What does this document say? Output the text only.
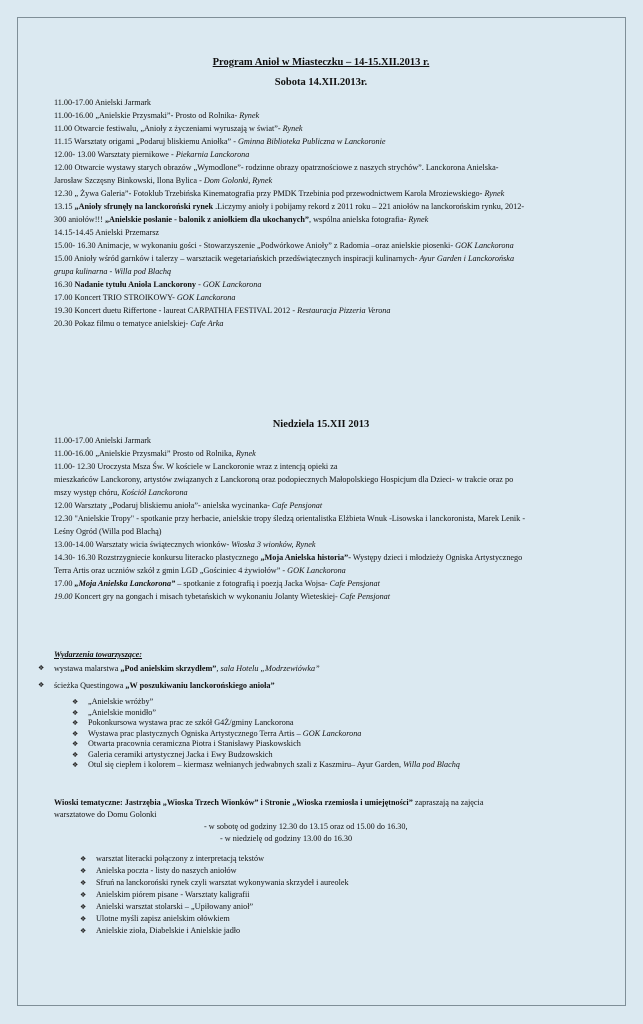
Program Anioł w Miasteczku – 14-15.XII.2013 r.
Sobota 14.XII.2013r.
11.00-17.00 Anielski Jarmark
11.00-16.00 „Anielskie Przysmaki”- Prosto od Rolnika- Rynek
11.00 Otwarcie festiwalu, „Anioły z życzeniami wyruszają w świat”- Rynek
11.15 Warsztaty origami „Podaruj bliskiemu Aniołka” - Gminna Biblioteka Publiczna w Lanckoronie
12.00- 13.00 Warsztaty piernikowe - Piekarnia Lanckorona
12.00 Otwarcie wystawy starych obrazów „Wymodlone”- rodzinne obrazy opatrznościowe z naszych strychów”. Lanckorona Anielska-
Jarosław Szczęsny Binkowski, Ilona Bylica - Dom Golonki, Rynek
12.30 „ Żywa Galeria”- Fotoklub Trzebińska Kinematografia przy PMDK Trzebinia pod przewodnictwem Karola Mroziewskiego- Rynek
13.15 „Anioły sfrunęły na lanckoroński rynek .Liczymy anioły i pobijamy rekord z 2011 roku – 221 aniołów na lanckorońskim rynku, 2012-
300 aniołów!!! „Anielskie posłanie - balonik z aniołkiem dla ukochanych”, wspólna anielska fotografia- Rynek
14.15-14.45 Anielski Przemarsz
15.00- 16.30 Animacje, w wykonaniu gości - Stowarzyszenie „Podwórkowe Anioły” z Radomia –oraz anielskie piosenki- GOK Lanckorona
15.00 Anioły wśród garnków i talerzy – warsztacik wegetariańskich przedświątecznych inspiracji kulinarnych- Ayur Garden i Lanckorońska
grupa kulinarna - Willa pod Blachą
16.30 Nadanie tytułu Anioła Lanckorony - GOK Lanckorona
17.00 Koncert TRIO STROIKOWY- GOK Lanckorona
19.30 Koncert duetu Riffertone - laureat CARPATHIA FESTIVAL 2012 - Restauracja Pizzeria Verona
20.30 Pokaz filmu o tematyce anielskiej- Cafe Arka
Niedziela 15.XII 2013
11.00-17.00 Anielski Jarmark
11.00-16.00 „Anielskie Przysmaki” Prosto od Rolnika, Rynek
11.00- 12.30 Uroczysta Msza Św. W kościele w Lanckoronie wraz z intencją opieki za
mieszkańców Lanckorony, artystów związanych z Lanckoroną oraz podopiecznych Małopolskiego Hospicjum dla Dzieci- w trakcie oraz po
mszy występ chóru, Kościół Lanckorona
12.00 Warsztaty „Podaruj bliskiemu anioła”- anielska wycinanka- Cafe Pensjonat
12.30 "Anielskie Tropy" - spotkanie przy herbacie, anielskie tropy śledzą orientalistka Elżbieta Wnuk -Lisowska i lanckoronista, Marek Lenik -
Leśny Ogród (Willa pod Blachą)
13.00-14.00 Warsztaty wicia świątecznych wionków- Wioska 3 wionków, Rynek
14.30- 16.30 Rozstrzygniecie konkursu literacko plastycznego „Moja Anielska historia”- Występy dzieci i młodzieży Ogniska Artystycznego
Terra Artis oraz uczniów szkół z gmin LGD „Gościniec 4 żywiołów” - GOK Lanckorona
17.00 „Moja Anielska Lanckorona” – spotkanie z fotografią i poezją Jacka Wojsa- Cafe Pensjonat
19.00 Koncert gry na gongach i misach tybetańskich w wykonaniu Jolanty Wieteskiej- Cafe Pensjonat
Wydarzenia towarzyszące:
❖ wystawa malarstwa „Pod anielskim skrzydłem”, sala Hotelu „Modrzewiówka”
❖ ścieżka Questingowa „W poszukiwaniu lanckorońskiego anioła”
❖ „Anielskie wróżby”
❖ „Anielskie monidło”
❖ Pokonkursowa wystawa prac ze szkół G4Ż/gminy Lanckorona
❖ Wystawa prac plastycznych Ogniska Artystycznego Terra Artis – GOK Lanckorona
❖ Otwarta pracownia ceramiczna Piotra i Stanisławy Piaskowskich
❖ Galeria ceramiki artystycznej Jacka i Ewy Budzowskich
❖ Otul się ciepłem i kolorem – kiermasz wełnianych jedwabnych szali z Kaszmiru– Ayur Garden, Willa pod Blachą
Wioski tematyczne: Jastrzębia „Wioska Trzech Wionków” i Stronie „Wioska rzemiosła i umiejętności” zapraszają na zajęcia
warsztatowe do Domu Golonki
- w sobotę od godziny 12.30 do 13.15 oraz od 15.00 do 16.30,
- w niedzielę od godziny 13.00 do 16.30
❖ warsztat literacki połączony z interpretacją tekstów
❖ Anielska poczta - listy do naszych aniołów
❖ Sfruń na lanckoroński rynek czyli warsztat wykonywania skrzydeł i aureolek
❖ Anielskim piórem pisane - Warsztaty kaligrafii
❖ Anielski warsztat stolarski – „Upiłowany anioł”
❖ Ulotne myśli zapisz anielskim ołówkiem
❖ Anielskie zioła, Diabelskie i Anielskie jadło
